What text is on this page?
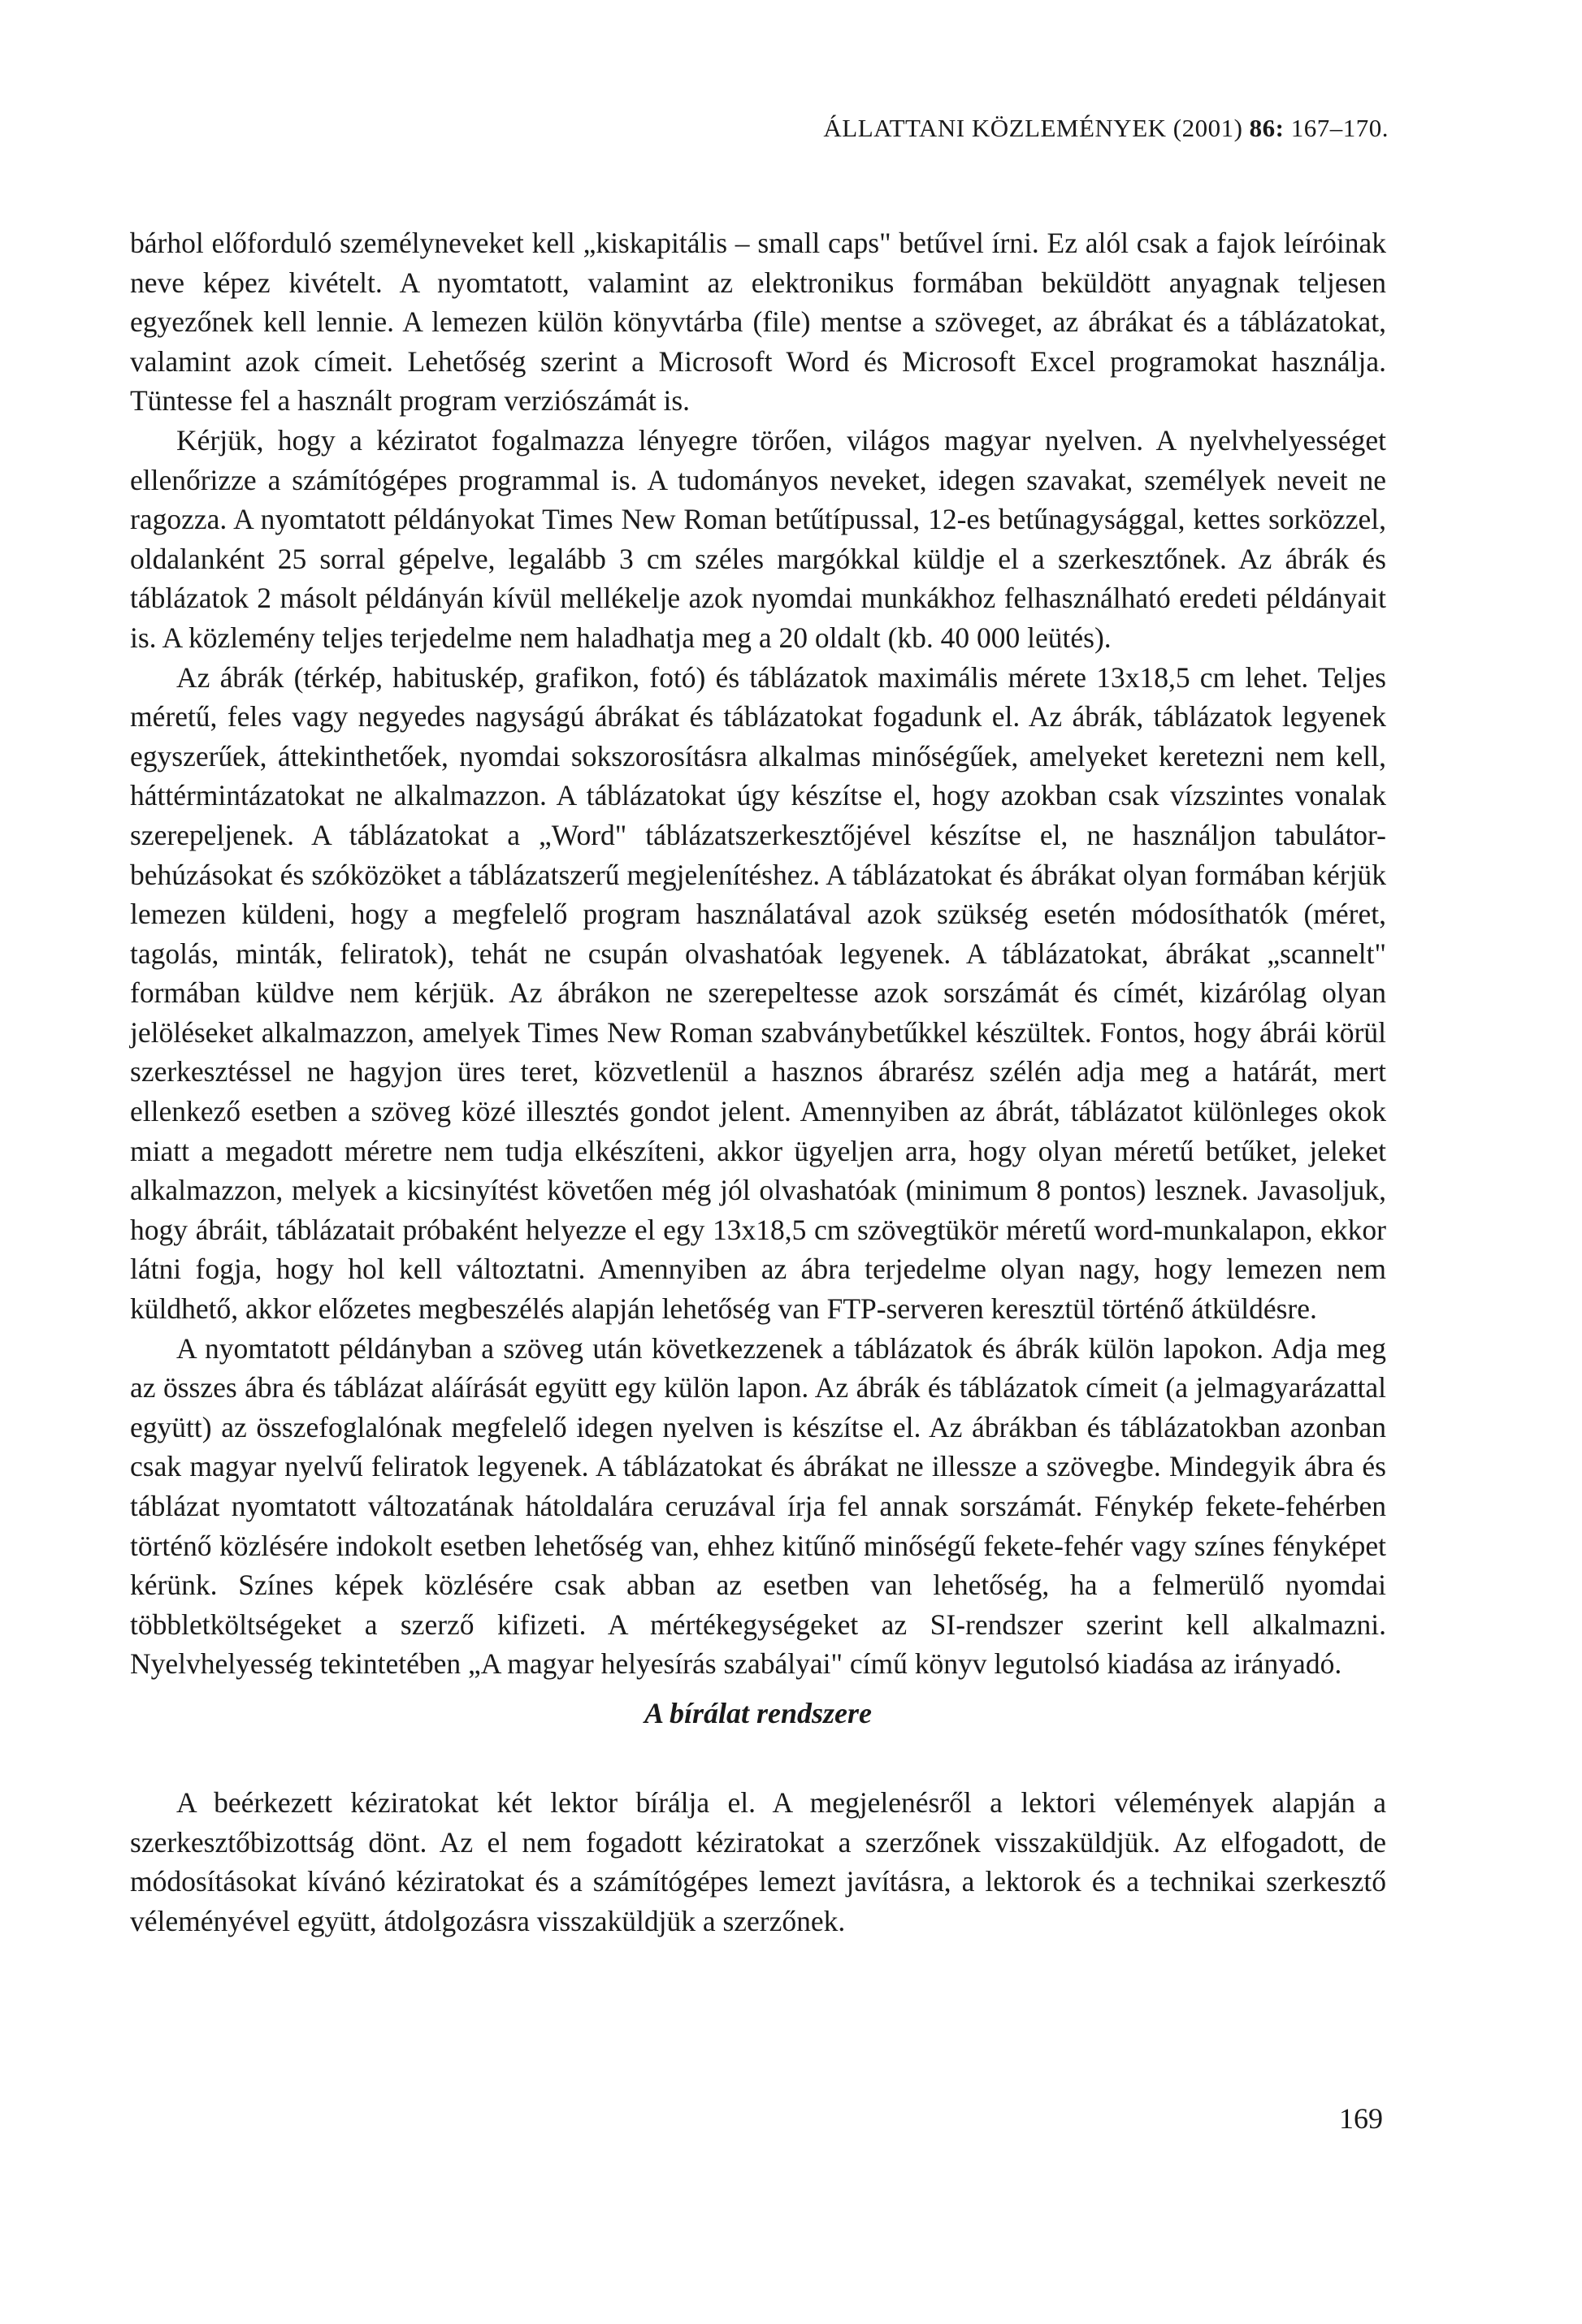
ÁLLATTANI KÖZLEMÉNYEK (2001) 86: 167–170.

bárhol előforduló személyneveket kell „kiskapitális – small caps" betűvel írni. Ez alól csak a fajok leíróinak neve képez kivételt. A nyomtatott, valamint az elektronikus formában beküldött anyagnak teljesen egyezőnek kell lennie. A lemezen külön könyvtárba (file) mentse a szöveget, az ábrákat és a táblázatokat, valamint azok címeit. Lehetőség szerint a Microsoft Word és Microsoft Excel programokat használja. Tüntesse fel a használt program verziószámát is.

Kérjük, hogy a kéziratot fogalmazza lényegre törően, világos magyar nyelven. A nyelvhelyességet ellenőrizze a számítógépes programmal is. A tudományos neveket, idegen szavakat, személyek neveit ne ragozza. A nyomtatott példányokat Times New Roman betűtípussal, 12-es betűnagysággal, kettes sorközzel, oldalanként 25 sorral gépelve, legalább 3 cm széles margókkal küldje el a szerkesztőnek. Az ábrák és táblázatok 2 másolt példányán kívül mellékelje azok nyomdai munkákhoz felhasználható eredeti példányait is. A közlemény teljes terjedelme nem haladhatja meg a 20 oldalt (kb. 40 000 leütés).

Az ábrák (térkép, habituskép, grafikon, fotó) és táblázatok maximális mérete 13x18,5 cm lehet. Teljes méretű, feles vagy negyedes nagyságú ábrákat és táblázatokat fogadunk el. Az ábrák, táblázatok legyenek egyszerűek, áttekinthetőek, nyomdai sokszorosításra alkalmas minőségűek, amelyeket keretezni nem kell, háttérmintázatokat ne alkalmazzon. A táblázatokat úgy készítse el, hogy azokban csak vízszintes vonalak szerepeljenek. A táblázatokat a „Word" táblázatszerkesztőjével készítse el, ne használjon tabulátor-behúzásokat és szóközöket a táblázatszerű megjelenítéshez. A táblázatokat és ábrákat olyan formában kérjük lemezen küldeni, hogy a megfelelő program használatával azok szükség esetén módosíthatók (méret, tagolás, minták, feliratok), tehát ne csupán olvashatóak legyenek. A táblázatokat, ábrákat „scannelt" formában küldve nem kérjük. Az ábrákon ne szerepeltesse azok sorszámát és címét, kizárólag olyan jelöléseket alkalmazzon, amelyek Times New Roman szabványbetűkkel készültek. Fontos, hogy ábrái körül szerkesztéssel ne hagyjon üres teret, közvetlenül a hasznos ábrarész szélén adja meg a határát, mert ellenkező esetben a szöveg közé illesztés gondot jelent. Amennyiben az ábrát, táblázatot különleges okok miatt a megadott méretre nem tudja elkészíteni, akkor ügyeljen arra, hogy olyan méretű betűket, jeleket alkalmazzon, melyek a kicsinyítést követően még jól olvashatóak (minimum 8 pontos) lesznek. Javasoljuk, hogy ábráit, táblázatait próbaként helyezze el egy 13x18,5 cm szövegtükör méretű word-munkalapon, ekkor látni fogja, hogy hol kell változtatni. Amennyiben az ábra terjedelme olyan nagy, hogy lemezen nem küldhető, akkor előzetes megbeszélés alapján lehetőség van FTP-serveren keresztül történő átküldésre.

A nyomtatott példányban a szöveg után következzenek a táblázatok és ábrák külön lapokon. Adja meg az összes ábra és táblázat aláírását együtt egy külön lapon. Az ábrák és táblázatok címeit (a jelmagyarázattal együtt) az összefoglalónak megfelelő idegen nyelven is készítse el. Az ábrákban és táblázatokban azonban csak magyar nyelvű feliratok legyenek. A táblázatokat és ábrákat ne illessze a szövegbe. Mindegyik ábra és táblázat nyomtatott változatának hátoldalára ceruzával írja fel annak sorszámát. Fénykép fekete-fehérben történő közlésére indokolt esetben lehetőség van, ehhez kitűnő minőségű fekete-fehér vagy színes fényképet kérünk. Színes képek közlésére csak abban az esetben van lehetőség, ha a felmerülő nyomdai többletköltségeket a szerző kifizeti. A mértékegységeket az SI-rendszer szerint kell alkalmazni. Nyelvhelyesség tekintetében „A magyar helyesírás szabályai" című könyv legutolsó kiadása az irányadó.

A bírálat rendszere

A beérkezett kéziratokat két lektor bírálja el. A megjelenésről a lektori vélemények alapján a szerkesztőbizottság dönt. Az el nem fogadott kéziratokat a szerzőnek visszaküldjük. Az elfogadott, de módosításokat kívánó kéziratokat és a számítógépes lemezt javításra, a lektorok és a technikai szerkesztő véleményével együtt, átdolgozásra visszaküldjük a szerzőnek.

169
